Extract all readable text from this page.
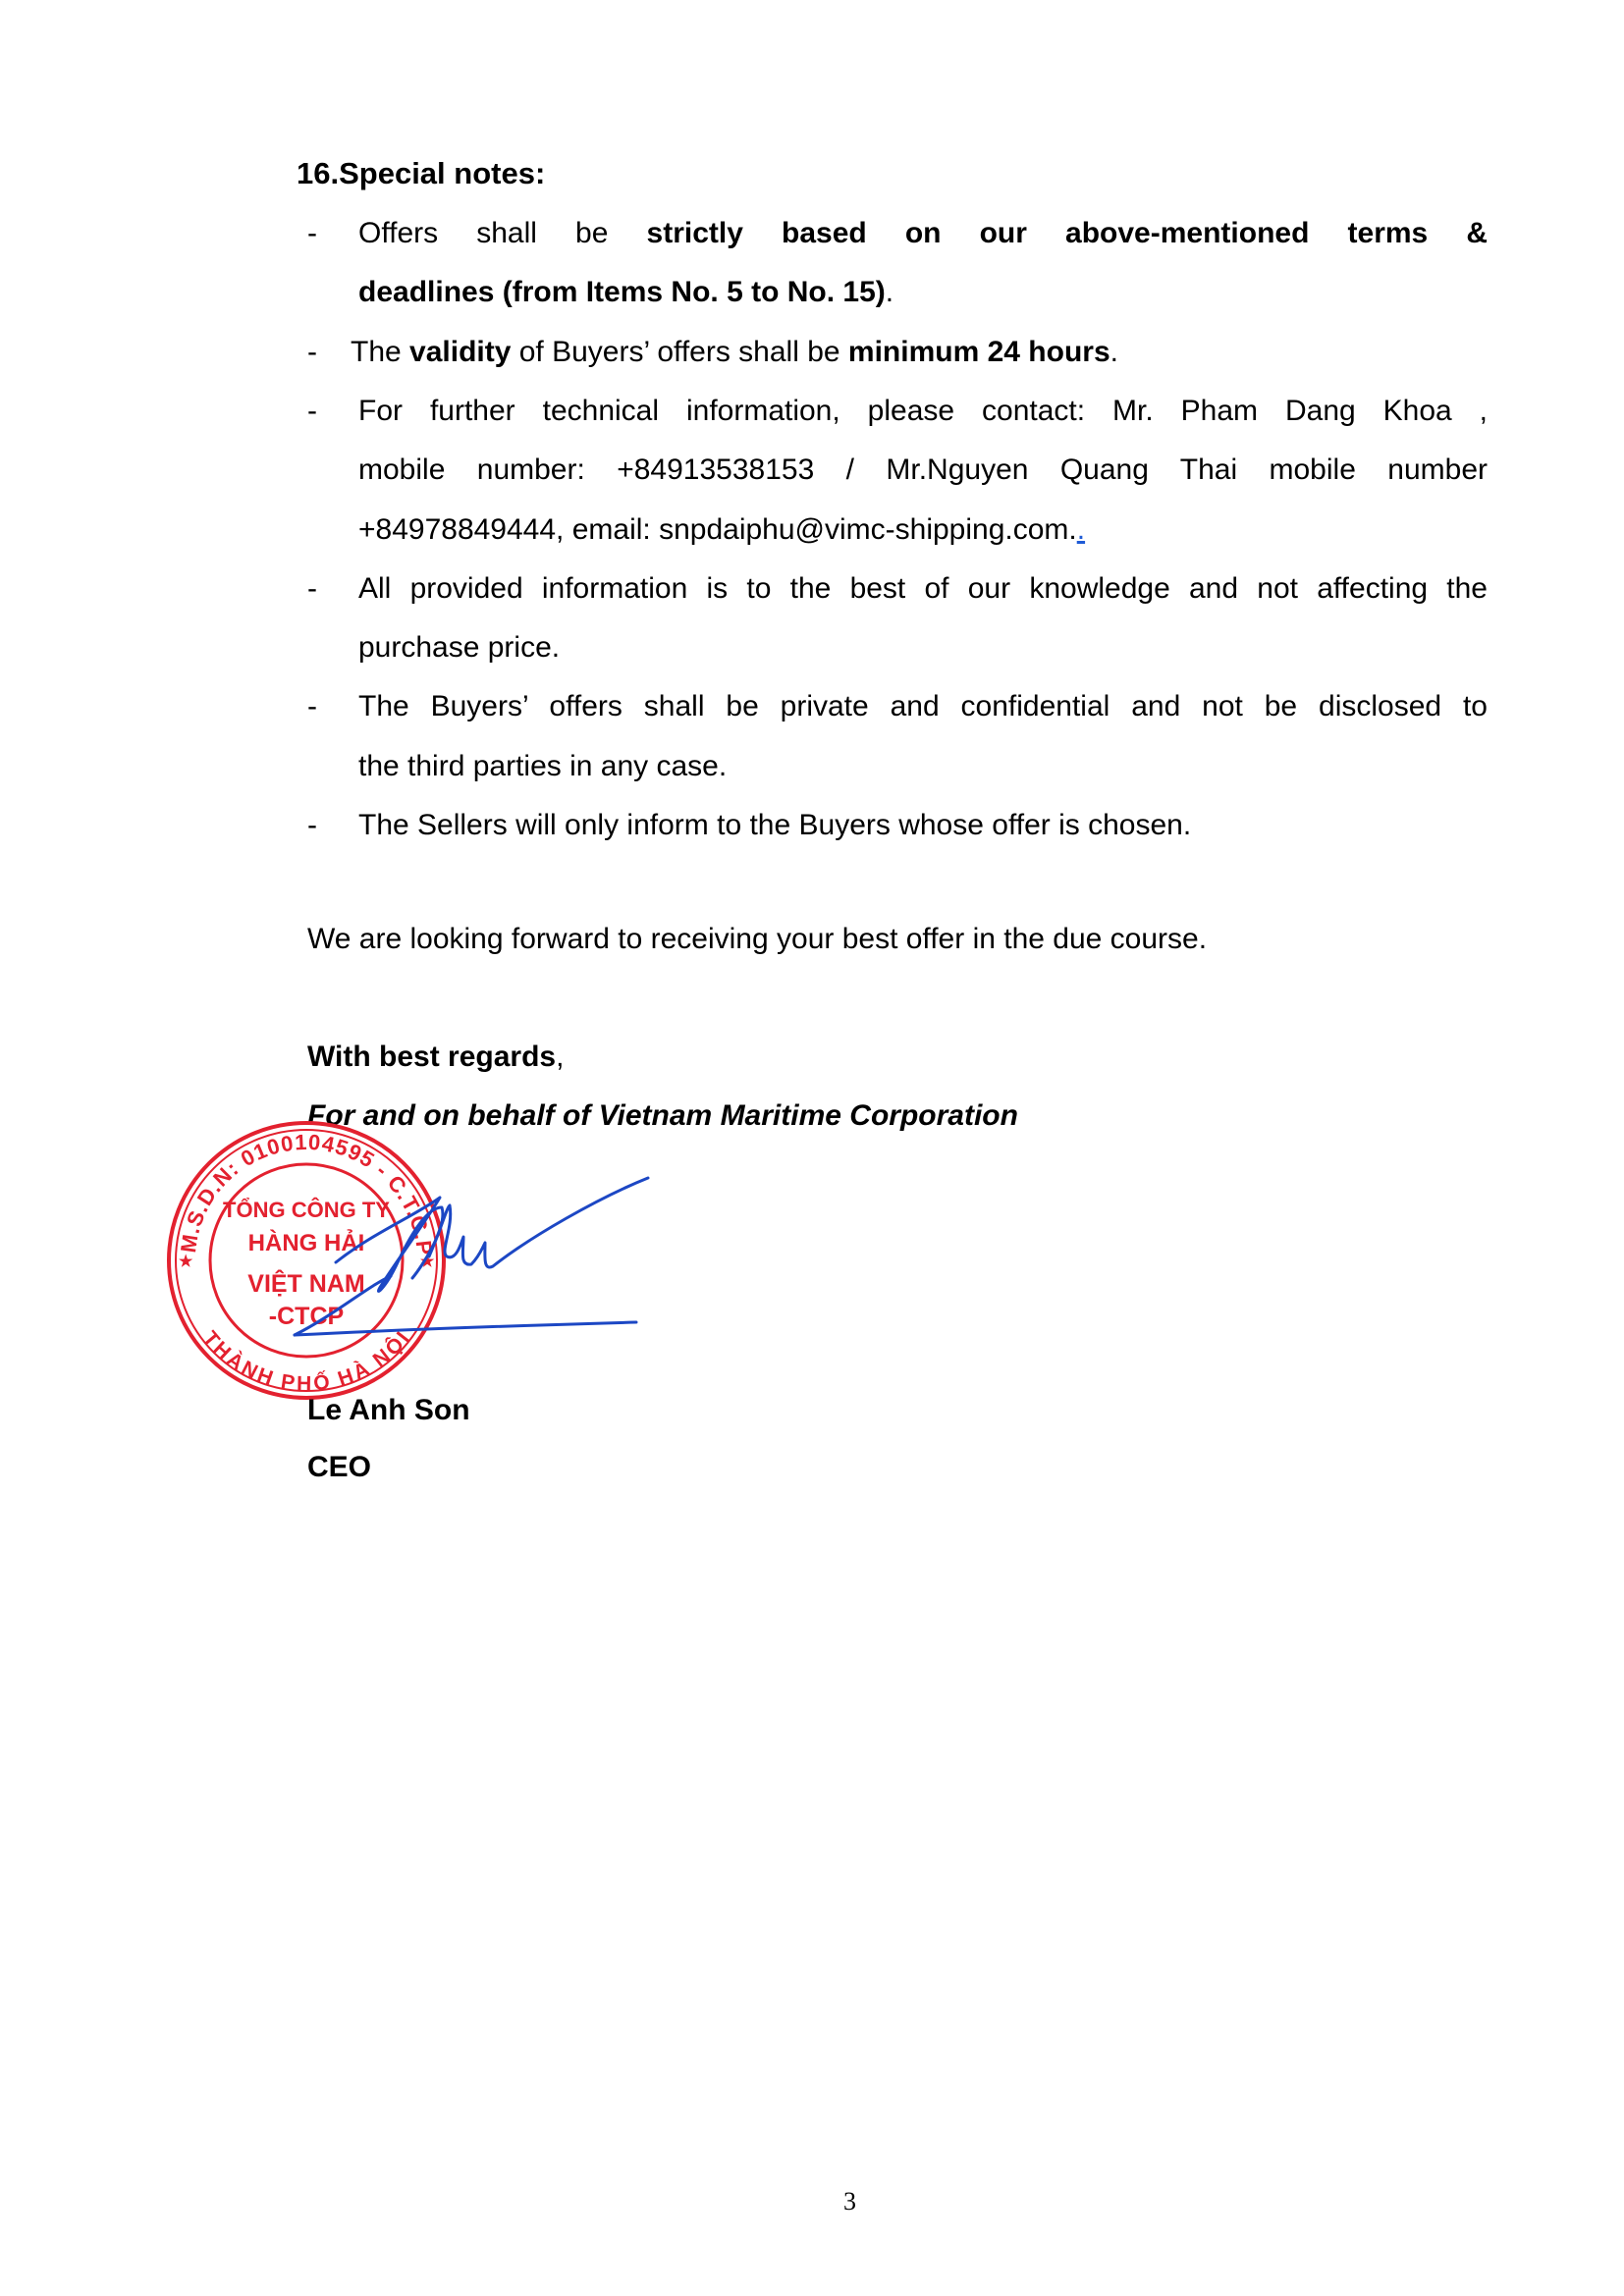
16.Special notes:
- Offers shall be strictly based on our above-mentioned terms &
deadlines (from Items No. 5 to No. 15).
- The validity of Buyers’ offers shall be minimum 24 hours.
- For further technical information, please contact: Mr. Pham Dang Khoa ,
mobile number: +84913538153 / Mr.Nguyen Quang Thai mobile number
+84978849444, email: snpdaiphu@vimc-shipping.com..
- All provided information is to the best of our knowledge and not affecting the
purchase price.
- The Buyers’ offers shall be private and confidential and not be disclosed to
the third parties in any case.
- The Sellers will only inform to the Buyers whose offer is chosen.
We are looking forward to receiving your best offer in the due course.
With best regards,
For and on behalf of Vietnam Maritime Corporation
M.S.D.N: 0100104595 - C.T.C.P
THÀNH PHỐ HÀ NỘI
★	★
TỔNG CÔNG TY
HÀNG HẢI
VIỆT NAM
-CTCP
Le Anh Son
CEO
3
